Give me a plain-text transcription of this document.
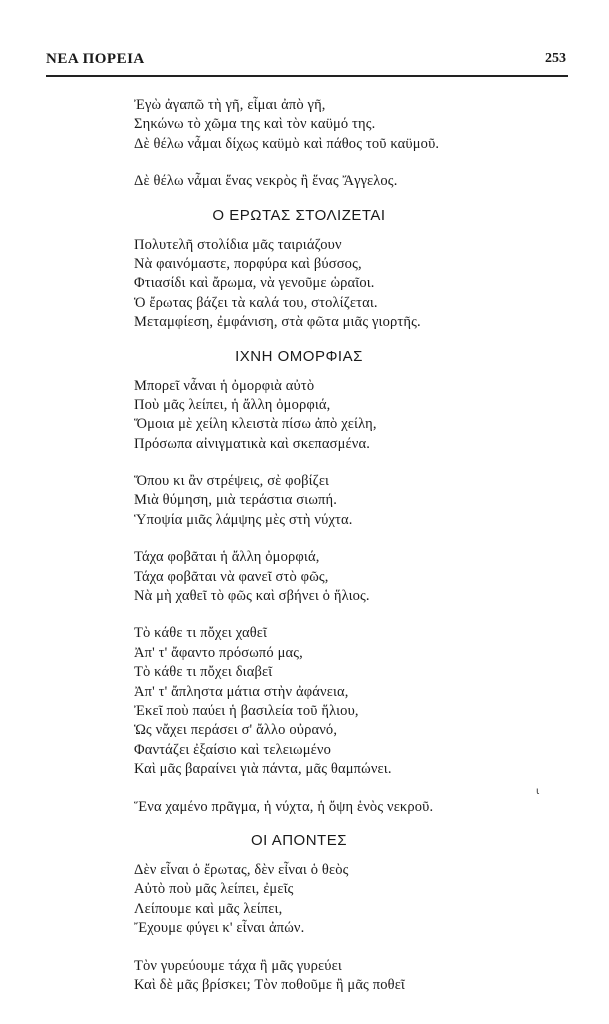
ΝΕΑ ΠΟΡΕΙΑ	253
Ἐγὼ ἀγαπῶ τὴ γῆ, εἶμαι ἀπὸ γῆ,
Σηκώνω τὸ χῶμα της καὶ τὸν καϋμό της.
Δὲ θέλω νἆμαι δίχως καϋμὸ καὶ πάθος τοῦ καϋμοῦ.
Δὲ θέλω νἆμαι ἕνας νεκρὸς ἢ ἕνας Ἄγγελος.
Ο ΕΡΩΤΑΣ ΣΤΟΛΙΖΕΤΑΙ
Πολυτελῆ στολίδια μᾶς ταιριάζουν
Νὰ φαινόμαστε, πορφύρα καὶ βύσσος,
Φτιασίδι καὶ ἄρωμα, νὰ γενοῦμε ὡραῖοι.
Ὁ ἔρωτας βάζει τὰ καλά του, στολίζεται.
Μεταμφίεση, ἐμφάνιση, στὰ φῶτα μιᾶς γιορτῆς.
ΙΧΝΗ ΟΜΟΡΦΙΑΣ
Μπορεῖ νἆναι ἡ ὀμορφιὰ αὐτὸ
Ποὺ μᾶς λείπει, ἡ ἄλλη ὀμορφιά,
Ὅμοια μὲ χείλη κλειστὰ πίσω ἀπὸ χείλη,
Πρόσωπα αἰνιγματικὰ καὶ σκεπασμένα.
Ὅπου κι ἂν στρέψεις, σὲ φοβίζει
Μιὰ θύμηση, μιὰ τεράστια σιωπή.
Ὑποψία μιᾶς λάμψης μὲς στὴ νύχτα.
Τάχα φοβᾶται ἡ ἄλλη ὀμορφιά,
Τάχα φοβᾶται νὰ φανεῖ στὸ φῶς,
Νὰ μὴ χαθεῖ τὸ φῶς καὶ σβήνει ὁ ἥλιος.
Τὸ κάθε τι πὄχει χαθεῖ
Ἀπ' τ' ἄφαντο πρόσωπό μας,
Τὸ κάθε τι πὄχει διαβεῖ
Ἀπ' τ' ἄπληστα μάτια στὴν ἀφάνεια,
Ἐκεῖ ποὺ παύει ἡ βασιλεία τοῦ ἥλιου,
Ὡς νἄχει περάσει σ' ἄλλο οὐρανό,
Φαντάζει ἐξαίσιο καὶ τελειωμένο
Καὶ μᾶς βαραίνει γιὰ πάντα, μᾶς θαμπώνει.
Ἕνα χαμένο πρᾶγμα, ἡ νύχτα, ἡ ὄψη ἑνὸς νεκροῦ.
ΟΙ ΑΠΟΝΤΕΣ
Δὲν εἶναι ὁ ἔρωτας, δὲν εἶναι ὁ θεὸς
Αὐτὸ ποὺ μᾶς λείπει, ἐμεῖς
Λείπουμε καὶ μᾶς λείπει,
Ἔχουμε φύγει κ' εἶναι ἀπών.
Τὸν γυρεύουμε τάχα ἢ μᾶς γυρεύει
Καὶ δὲ μᾶς βρίσκει; Τὸν ποθοῦμε ἢ μᾶς ποθεῖ
ι
